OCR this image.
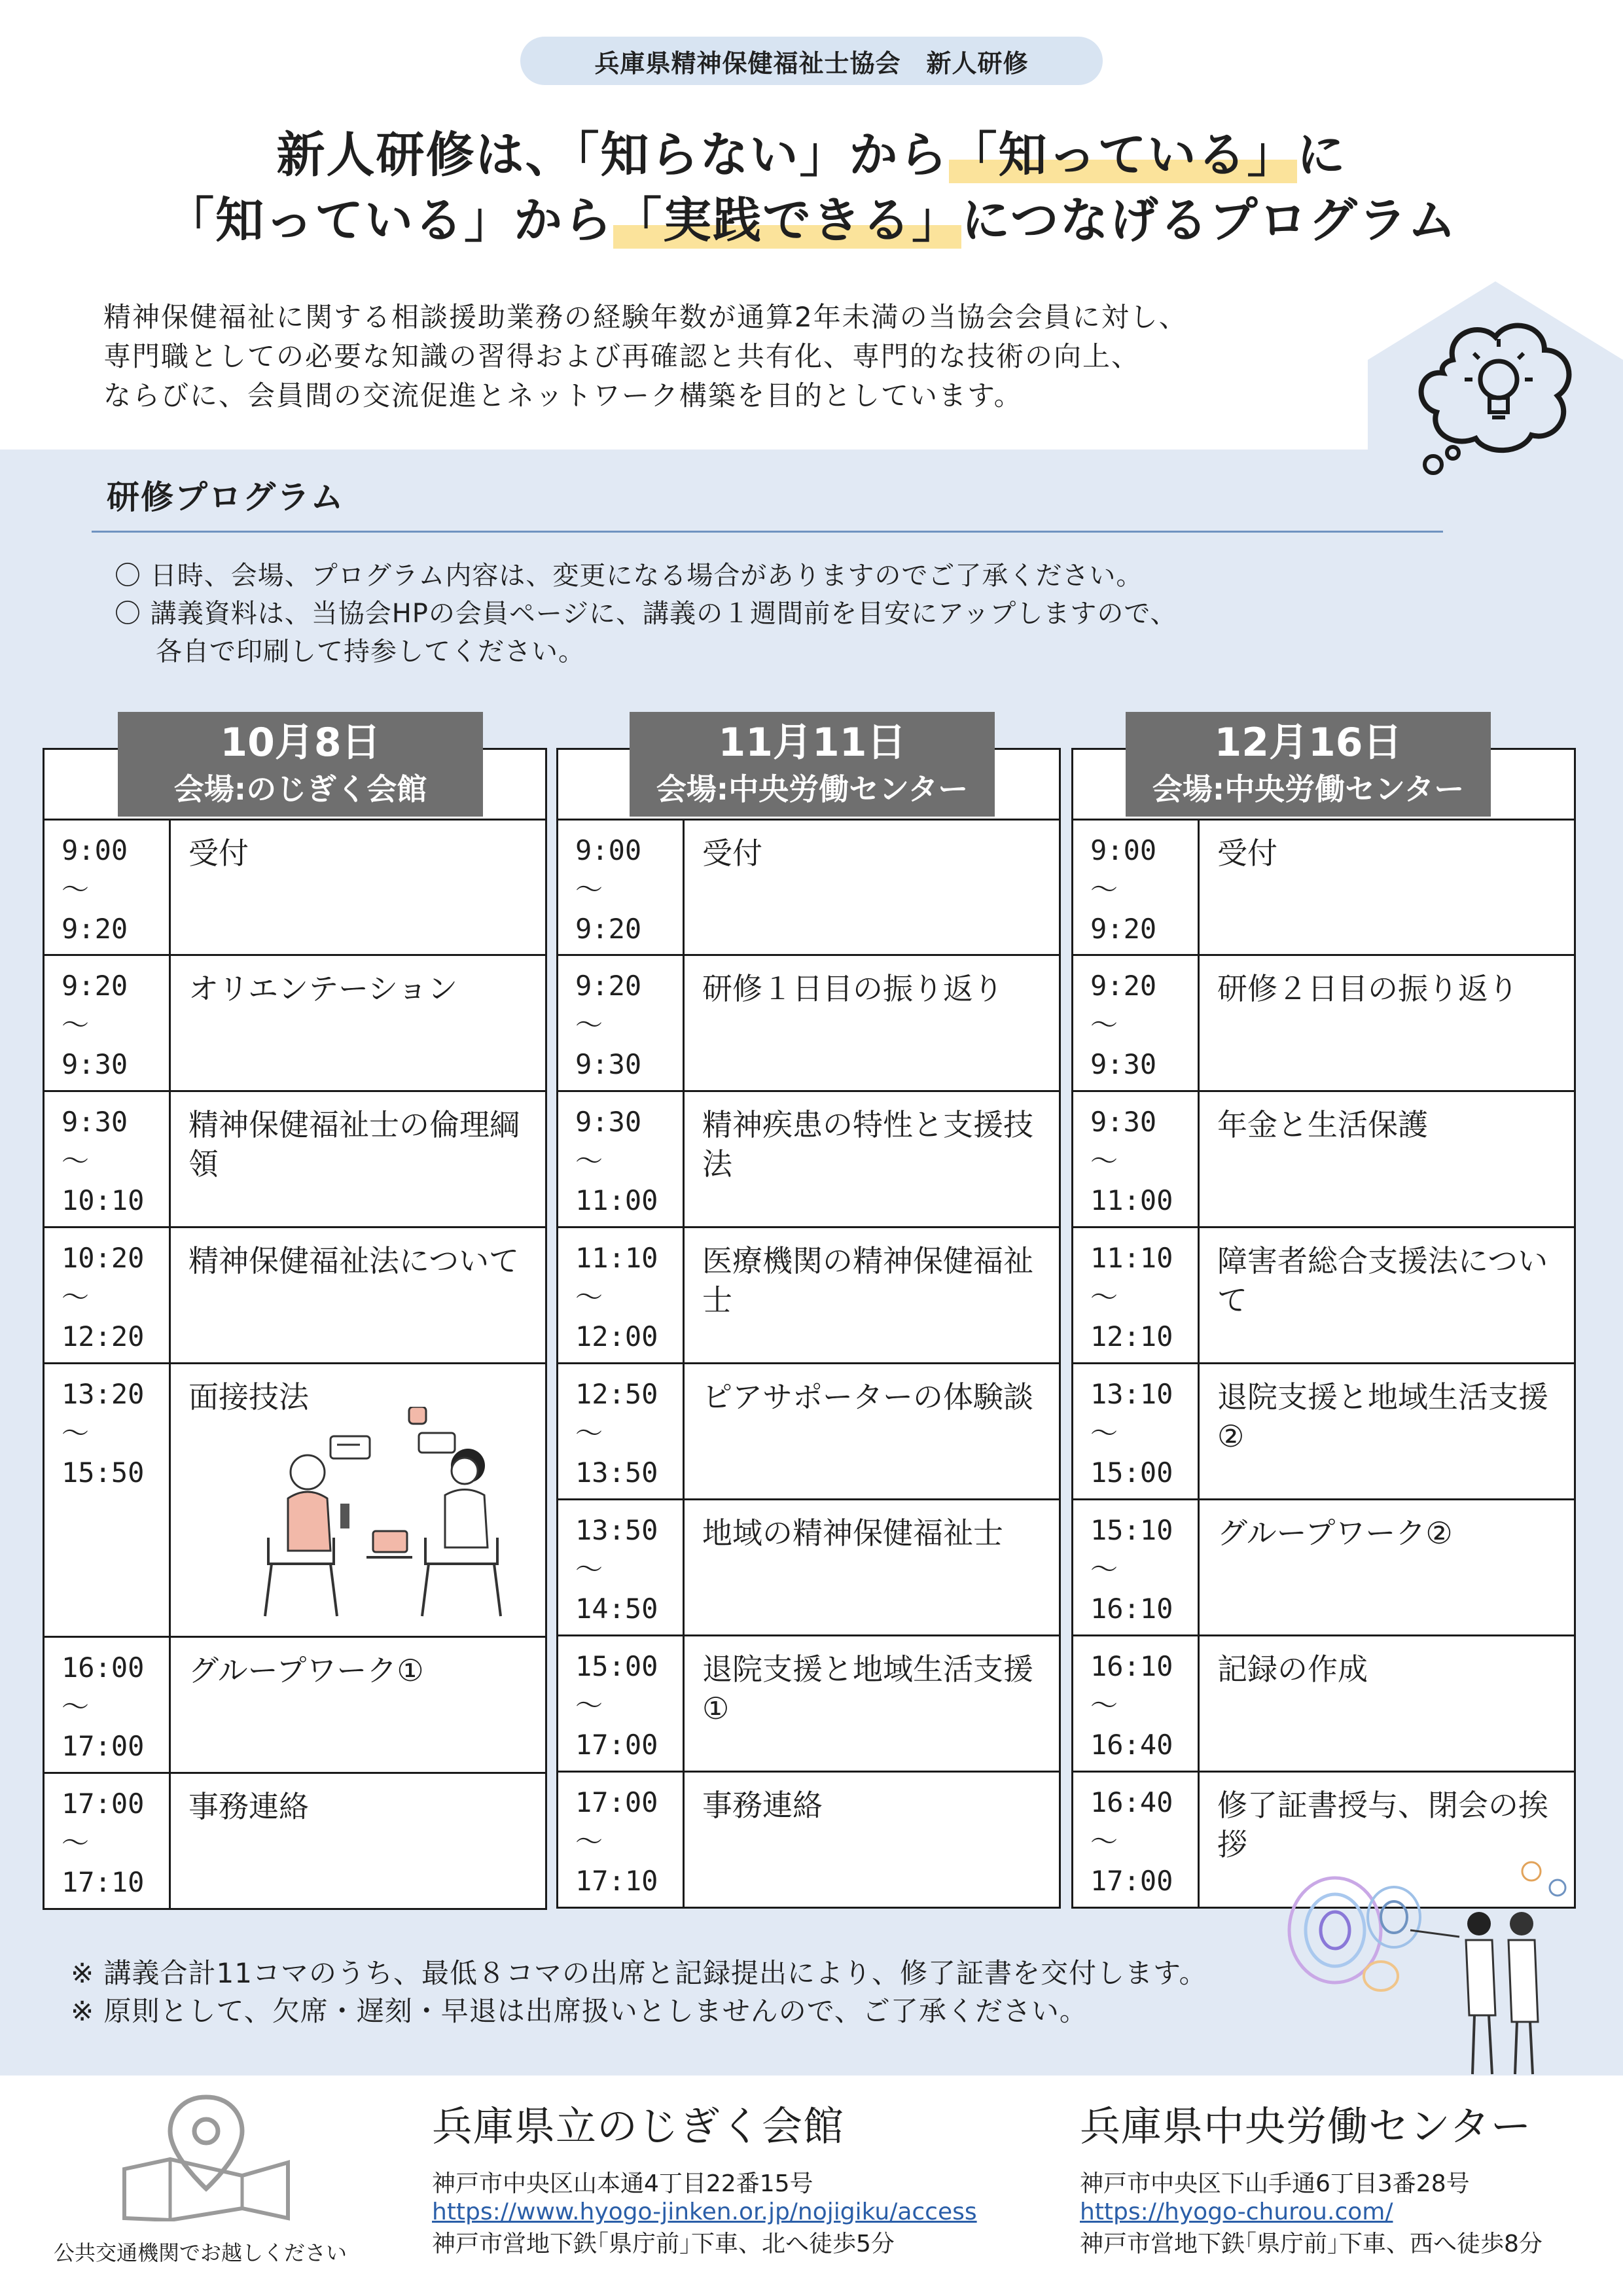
兵庫県精神保健福祉士協会　新人研修
新人研修は、「知らない」から「知っている」に
「知っている」から「実践できる」につなげるプログラム
精神保健福祉に関する相談援助業務の経験年数が通算2年未満の当協会会員に対し、
専門職としての必要な知識の習得および再確認と共有化、専門的な技術の向上、
ならびに、会員間の交流促進とネットワーク構築を目的としています。
研修プログラム
〇 日時、会場、プログラム内容は、変更になる場合がありますのでご了承ください。
〇 講義資料は、当協会HPの会員ページに、講義の１週間前を目安にアップしますので、
各自で印刷して持参してください。
9:00
〜
9:20
受付
9:20
〜
9:30
オリエンテーション
9:30
〜
10:10
精神保健福祉士の倫理綱領
10:20
〜
12:20
精神保健福祉法について
13:20
〜
15:50
面接技法
16:00
〜
17:00
グループワーク①
17:00
〜
17:10
事務連絡
10月8日
会場:のじぎく会館
9:00
〜
9:20
受付
9:20
〜
9:30
研修１日目の振り返り
9:30
〜
11:00
精神疾患の特性と支援技法
11:10
〜
12:00
医療機関の精神保健福祉士
12:50
〜
13:50
ピアサポーターの体験談
13:50
〜
14:50
地域の精神保健福祉士
15:00
〜
17:00
退院支援と地域生活支援①
17:00
〜
17:10
事務連絡
11月11日
会場:中央労働センター
9:00
〜
9:20
受付
9:20
〜
9:30
研修２日目の振り返り
9:30
〜
11:00
年金と生活保護
11:10
〜
12:10
障害者総合支援法について
13:10
〜
15:00
退院支援と地域生活支援②
15:10
〜
16:10
グループワーク②
16:10
〜
16:40
記録の作成
16:40
〜
17:00
修了証書授与、閉会の挨拶
12月16日
会場:中央労働センター
※ 講義合計11コマのうち、最低８コマの出席と記録提出により、修了証書を交付します。
※ 原則として、欠席・遅刻・早退は出席扱いとしませんので、ご了承ください。
公共交通機関でお越しください
兵庫県立のじぎく会館
神戸市中央区山本通4丁目22番15号
https://www.hyogo-jinken.or.jp/nojigiku/access
神戸市営地下鉄｢県庁前｣下車、北へ徒歩5分
兵庫県中央労働センター
神戸市中央区下山手通6丁目3番28号
https://hyogo-churou.com/
神戸市営地下鉄｢県庁前｣下車、西へ徒歩8分
